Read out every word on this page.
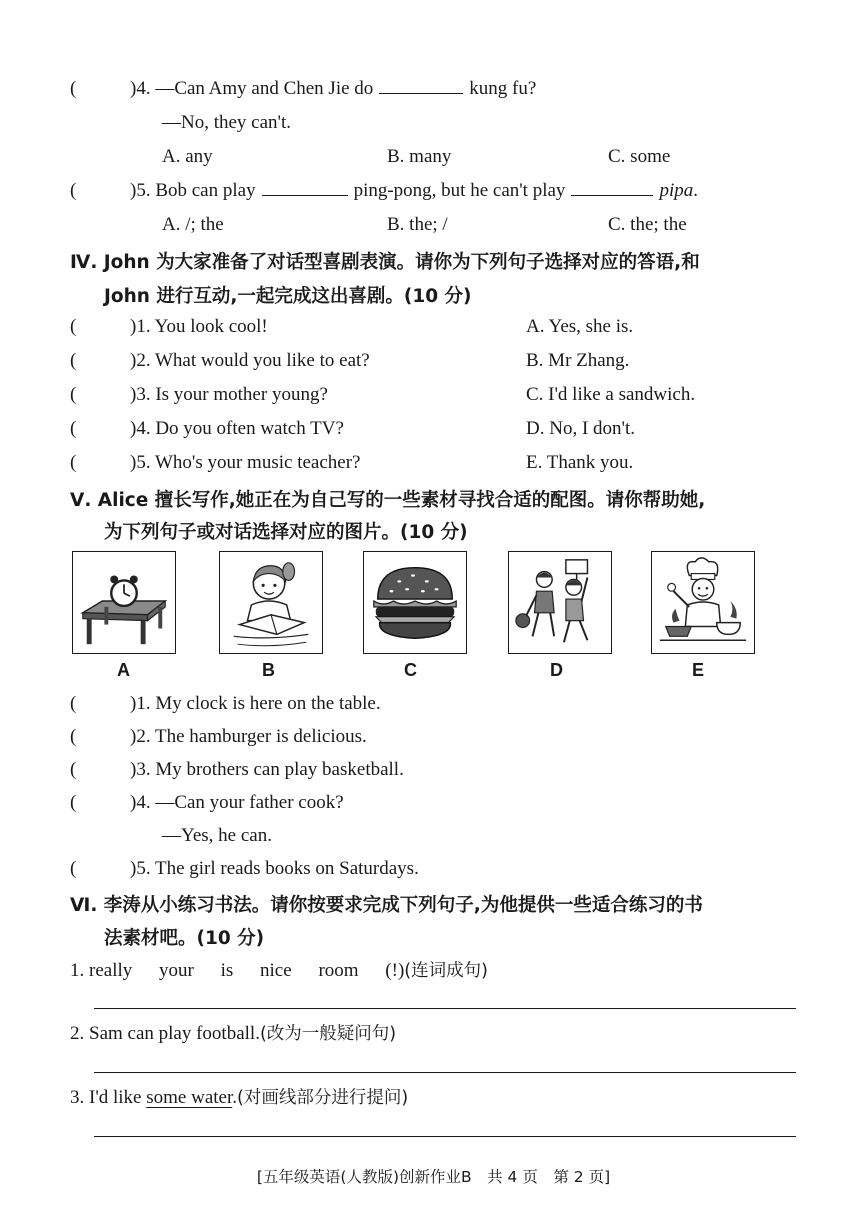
(	)4. —Can Amy and Chen Jie do	kung fu?
—No, they can't.
A. any	B. many	C. some
(	)5. Bob can play	ping-pong, but he can't play	pipa.
A. /; the	B. the; /	C. the; the
Ⅳ. John 为大家准备了对话型喜剧表演。请你为下列句子选择对应的答语,和
John 进行互动,一起完成这出喜剧。(10 分)
(	)1. You look cool!	A. Yes, she is.
(	)2. What would you like to eat?	B. Mr Zhang.
(	)3. Is your mother young?	C. I'd like a sandwich.
(	)4. Do you often watch TV?	D. No, I don't.
(	)5. Who's your music teacher?	E. Thank you.
Ⅴ. Alice 擅长写作,她正在为自己写的一些素材寻找合适的配图。请你帮助她,
为下列句子或对话选择对应的图片。(10 分)
A	B	C	D	E
(	)1. My clock is here on the table.
(	)2. The hamburger is delicious.
(	)3. My brothers can play basketball.
(	)4. —Can your father cook?
—Yes, he can.
(	)5. The girl reads books on Saturdays.
Ⅵ. 李涛从小练习书法。请你按要求完成下列句子,为他提供一些适合练习的书
法素材吧。(10 分)
1. really your is nice room (!)(连词成句)
2. Sam can play football.(改为一般疑问句)
3. I'd like some water.(对画线部分进行提问)
[五年级英语(人教版)创新作业B　共 4 页　第 2 页]
